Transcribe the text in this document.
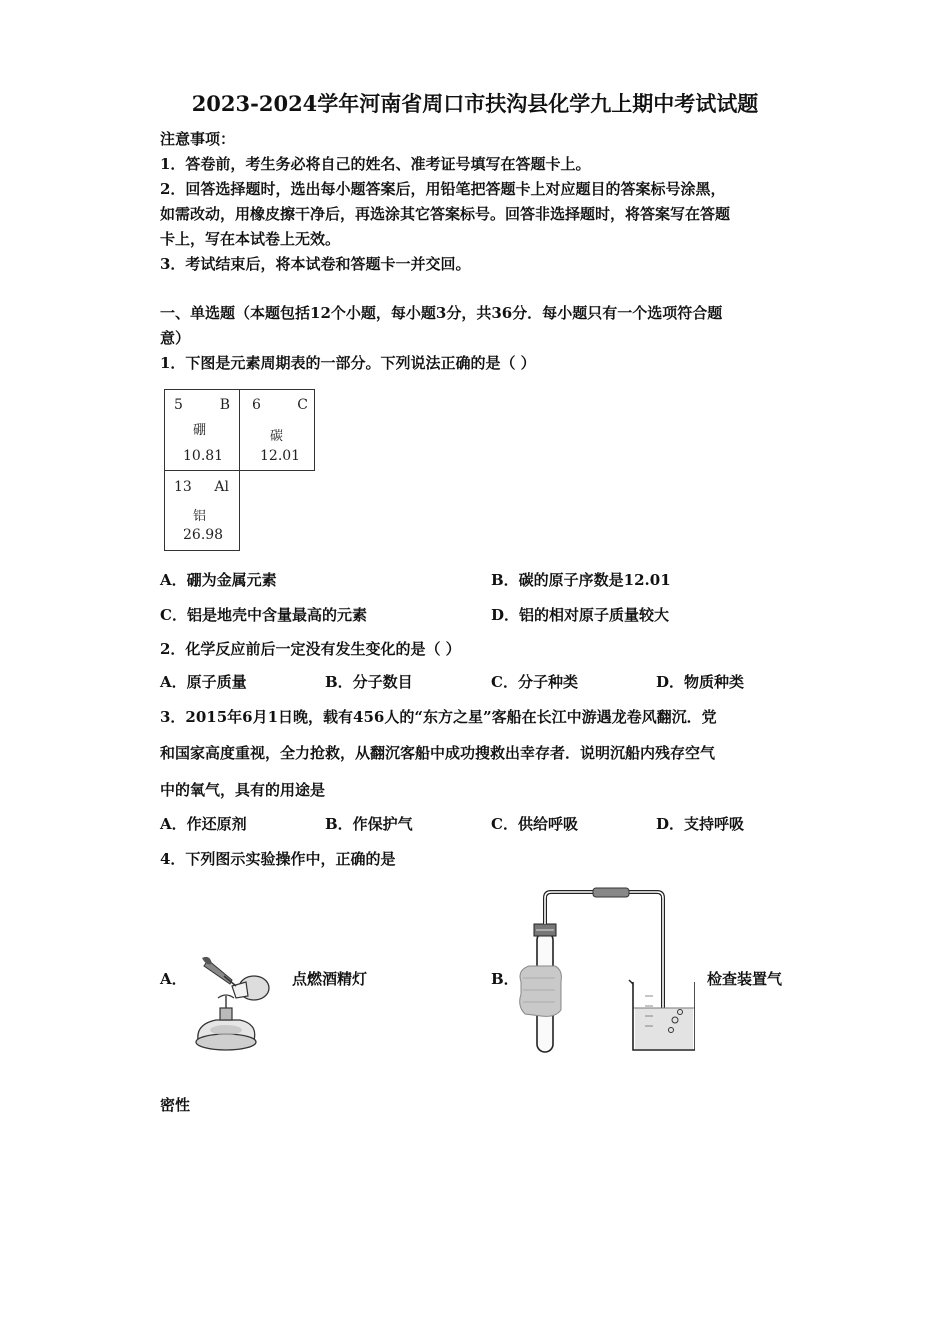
2023-2024学年河南省周口市扶沟县化学九上期中考试试题
注意事项：
1．答卷前，考生务必将自己的姓名、准考证号填写在答题卡上。
2．回答选择题时，选出每小题答案后，用铅笔把答题卡上对应题目的答案标号涂黑，
如需改动，用橡皮擦干净后，再选涂其它答案标号。回答非选择题时，将答案写在答题
卡上，写在本试卷上无效。
3．考试结束后，将本试卷和答题卡一并交回。
一、单选题（本题包括12个小题，每小题3分，共36分．每小题只有一个选项符合题
意）
1．下图是元素周期表的一部分。下列说法正确的是（ ）
5	B
硼
10.81
6	C
碳
12.01
13 Al
铝
26.98
A．硼为金属元素	B．碳的原子序数是12.01
C．铝是地壳中含量最高的元素	D．铝的相对原子质量较大
2．化学反应前后一定没有发生变化的是（ ）
A．原子质量	B．分子数目	C．分子种类	D．物质种类
3．2015年6月1日晚，载有456人的“东方之星”客船在长江中游遇龙卷风翻沉．党
和国家高度重视，全力抢救，从翻沉客船中成功搜救出幸存者．说明沉船内残存空气
中的氧气，具有的用途是
A．作还原剂	B．作保护气	C．供给呼吸	D．支持呼吸
4．下列图示实验操作中，正确的是
A．	点燃酒精灯	B．	检查装置气
密性
